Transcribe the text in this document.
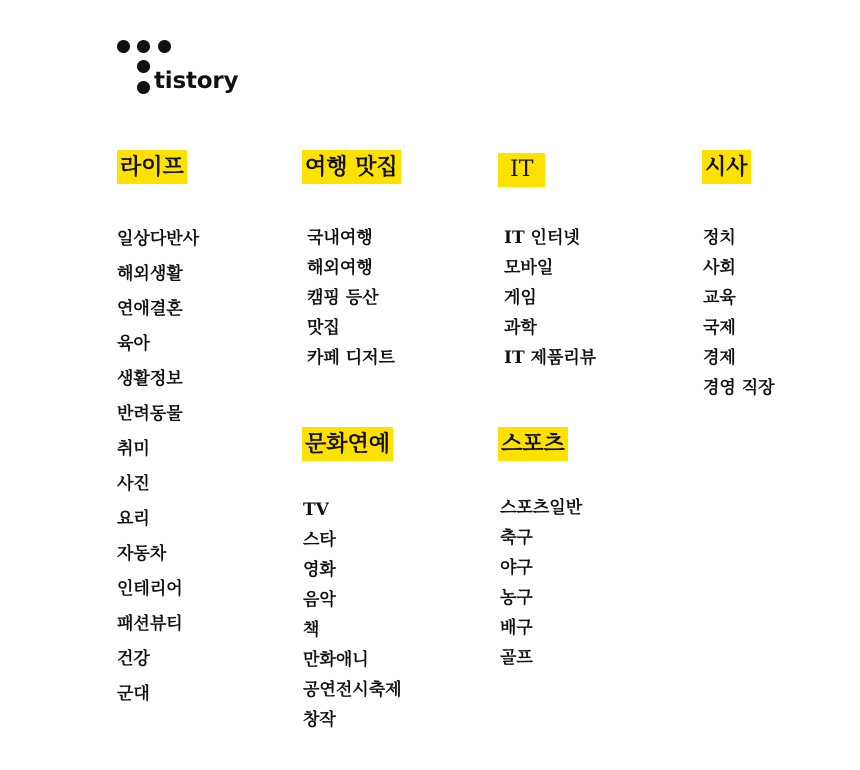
tistory
라이프
일상다반사
해외생활
연애결혼
육아
생활정보
반려동물
취미
사진
요리
자동차
인테리어
패션뷰티
건강
군대
여행 맛집
국내여행
해외여행
캠핑 등산
맛집
카페 디저트
IT
IT 인터넷
모바일
게임
과학
IT 제품리뷰
시사
정치
사회
교육
국제
경제
경영 직장
문화연예
TV
스타
영화
음악
책
만화애니
공연전시축제
창작
스포츠
스포츠일반
축구
야구
농구
배구
골프
